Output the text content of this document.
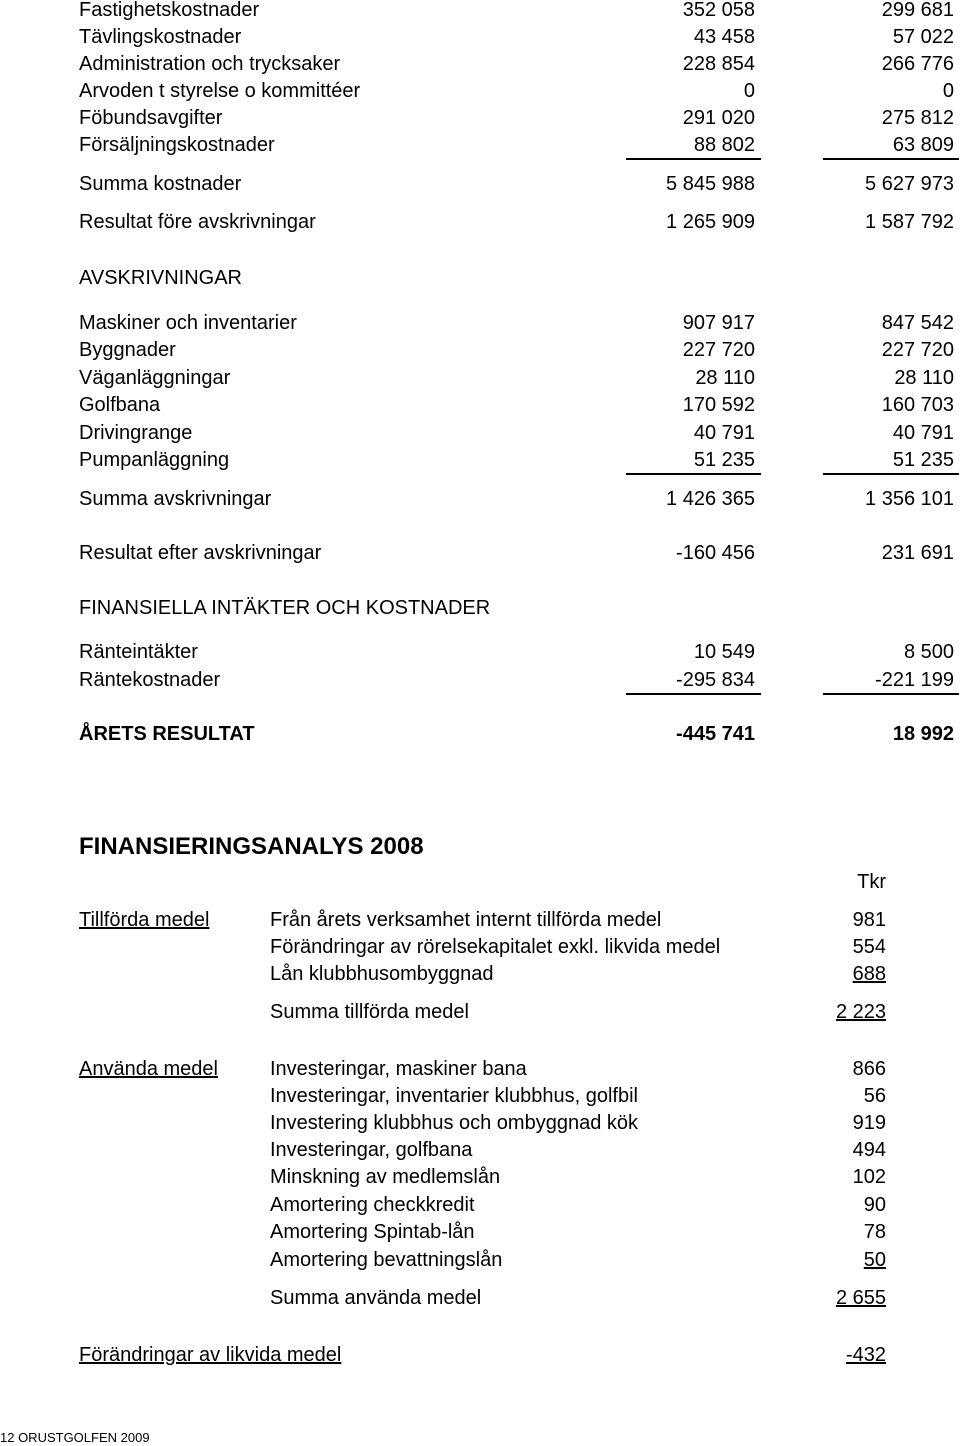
Fastighetskostnader	352 058	299 681
Tävlingskostnader	43 458	57 022
Administration och trycksaker	228 854	266 776
Arvoden t styrelse o kommittéer	0	0
Föbundsavgifter	291 020	275 812
Försäljningskostnader	88 802	63 809
Summa kostnader	5 845 988	5 627 973
Resultat före avskrivningar	1 265 909	1 587 792
AVSKRIVNINGAR
Maskiner och inventarier	907 917	847 542
Byggnader	227 720	227 720
Väganläggningar	28 110	28 110
Golfbana	170 592	160 703
Drivingrange	40 791	40 791
Pumpanläggning	51 235	51 235
Summa avskrivningar	1 426 365	1 356 101
Resultat efter avskrivningar	-160 456	231 691
FINANSIELLA INTÄKTER OCH KOSTNADER
Ränteintäkter	10 549	8 500
Räntekostnader	-295 834	-221 199
ÅRETS RESULTAT	-445 741	18 992
FINANSIERINGSANALYS 2008
Tkr
Tillförda medel	Från årets verksamhet internt tillförda medel	981
Förändringar av rörelsekapitalet exkl. likvida medel	554
Lån klubbhusombyggnad	688
Summa tillförda medel	2 223
Använda medel	Investeringar, maskiner bana	866
Investeringar, inventarier klubbhus, golfbil	56
Investering klubbhus och ombyggnad kök	919
Investeringar, golfbana	494
Minskning av medlemslån	102
Amortering checkkredit	90
Amortering Spintab-lån	78
Amortering bevattningslån	50
Summa använda medel	2 655
Förändringar av likvida medel	-432
12 ORUSTGOLFEN 2009
